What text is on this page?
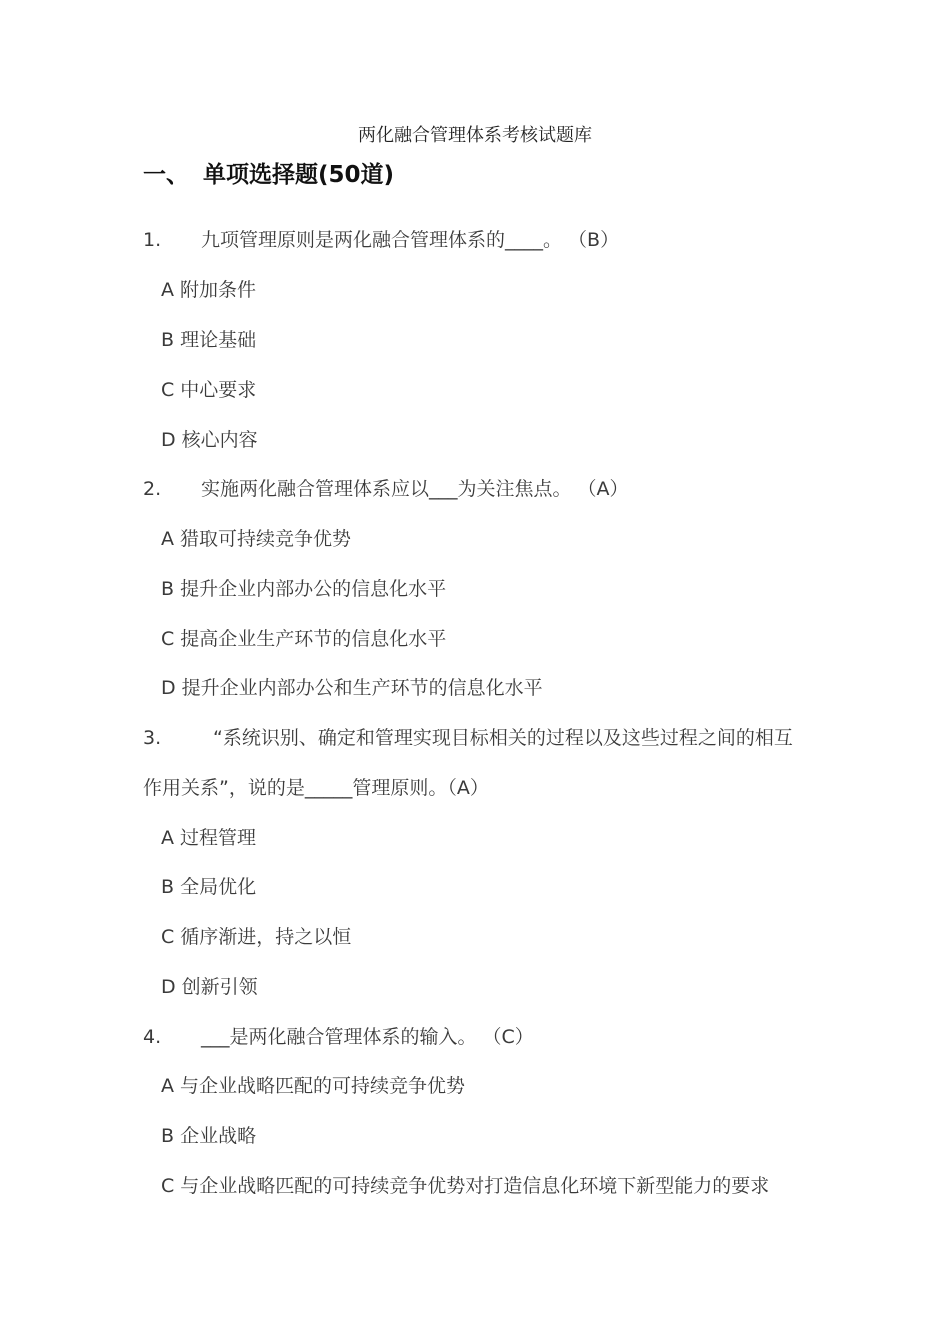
两化融合管理体系考核试题库
一、 单项选择题(50道)
1. 九项管理原则是两化融合管理体系的____。 （B）
A 附加条件
B 理论基础
C 中心要求
D 核心内容
2. 实施两化融合管理体系应以___为关注焦点。 （A）
A 猎取可持续竞争优势
B 提升企业内部办公的信息化水平
C 提高企业生产环节的信息化水平
D 提升企业内部办公和生产环节的信息化水平
3.	“系统识别、确定和管理实现目标相关的过程以及这些过程之间的相互
作用关系”，说的是_____管理原则。（A）
A 过程管理
B 全局优化
C 循序渐进，持之以恒
D 创新引领
4. ___是两化融合管理体系的输入。 （C）
A 与企业战略匹配的可持续竞争优势
B 企业战略
C 与企业战略匹配的可持续竞争优势对打造信息化环境下新型能力的要求
